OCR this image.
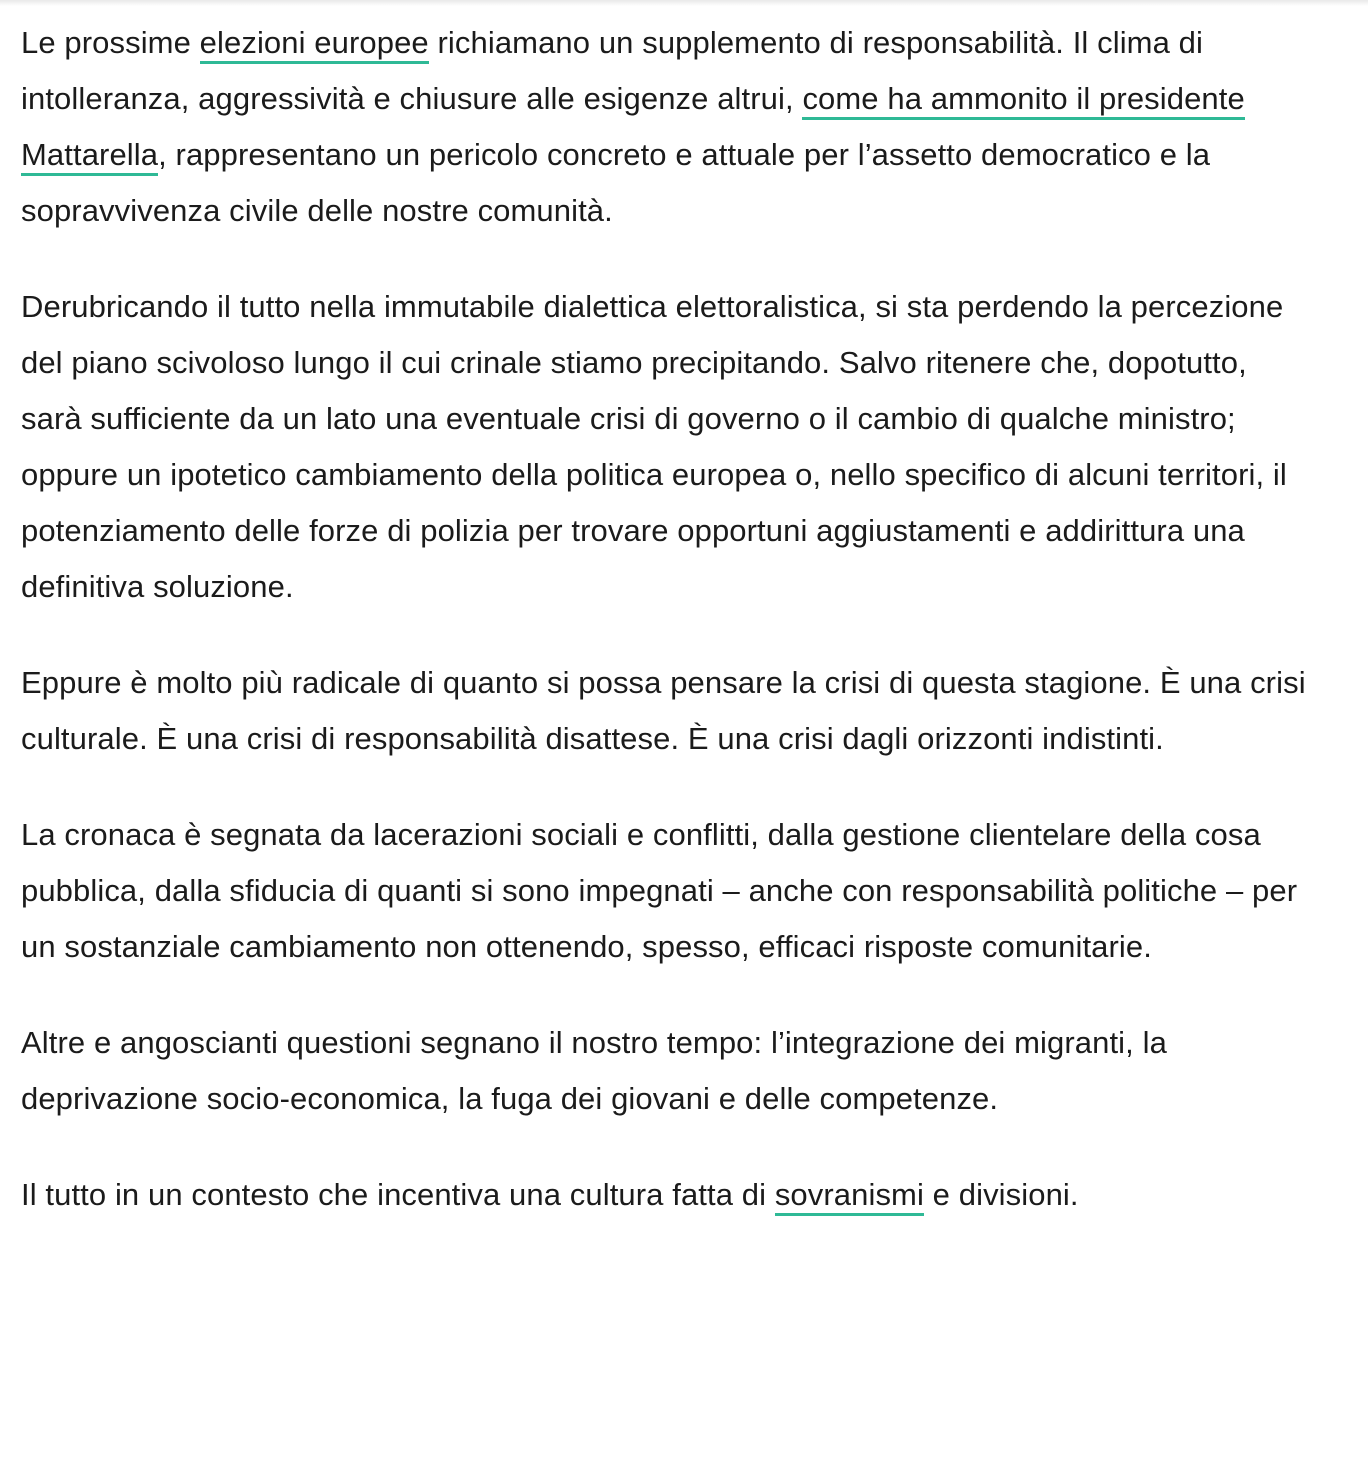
Le prossime elezioni europee richiamano un supplemento di responsabilità. Il clima di intolleranza, aggressività e chiusure alle esigenze altrui, come ha ammonito il presidente Mattarella, rappresentano un pericolo concreto e attuale per l’assetto democratico e la sopravvivenza civile delle nostre comunità.

Derubricando il tutto nella immutabile dialettica elettoralistica, si sta perdendo la percezione del piano scivoloso lungo il cui crinale stiamo precipitando. Salvo ritenere che, dopotutto, sarà sufficiente da un lato una eventuale crisi di governo o il cambio di qualche ministro; oppure un ipotetico cambiamento della politica europea o, nello specifico di alcuni territori, il potenziamento delle forze di polizia per trovare opportuni aggiustamenti e addirittura una definitiva soluzione.

Eppure è molto più radicale di quanto si possa pensare la crisi di questa stagione. È una crisi culturale. È una crisi di responsabilità disattese. È una crisi dagli orizzonti indistinti.

La cronaca è segnata da lacerazioni sociali e conflitti, dalla gestione clientelare della cosa pubblica, dalla sfiducia di quanti si sono impegnati – anche con responsabilità politiche – per un sostanziale cambiamento non ottenendo, spesso, efficaci risposte comunitarie.

Altre e angoscianti questioni segnano il nostro tempo: l’integrazione dei migranti, la deprivazione socio-economica, la fuga dei giovani e delle competenze.

Il tutto in un contesto che incentiva una cultura fatta di sovranismi e divisioni.
